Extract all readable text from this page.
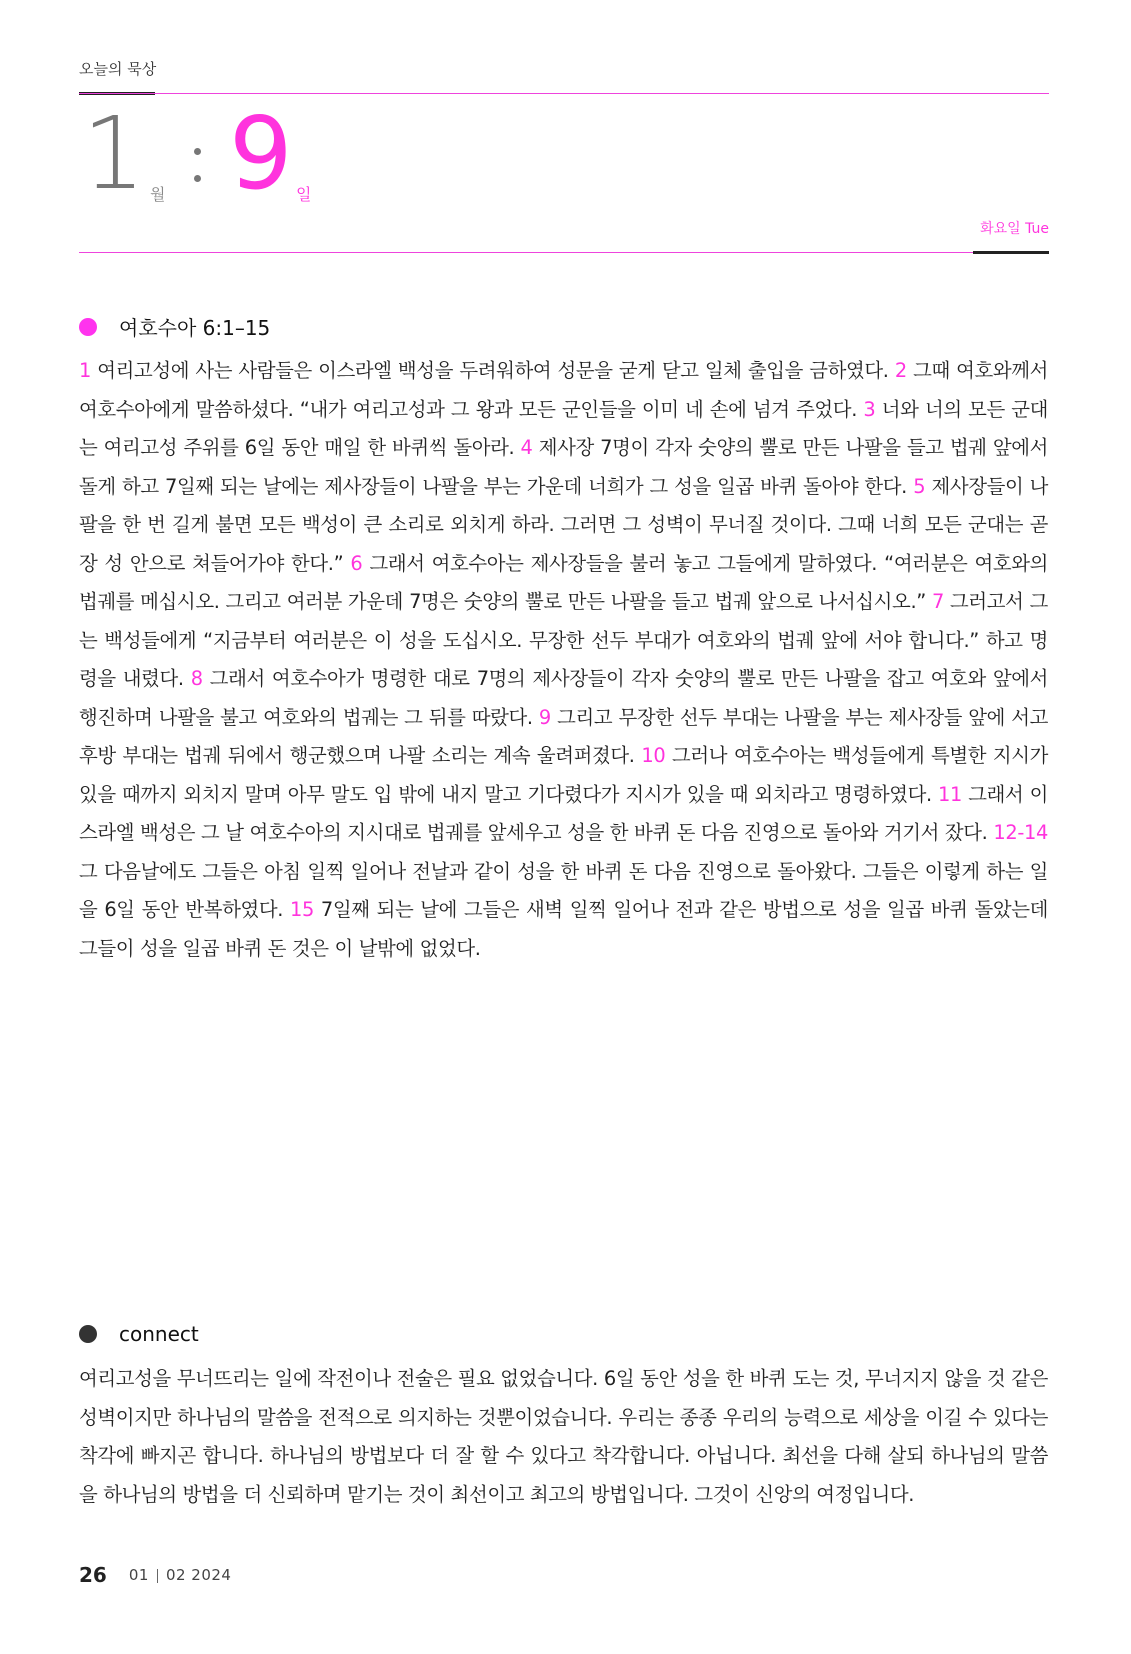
오늘의 묵상
1 월 9 일
화요일 Tue
여호수아 6:1–15
1 여리고성에 사는 사람들은 이스라엘 백성을 두려워하여 성문을 굳게 닫고 일체 출입을 금하였다. 2 그때 여호와께서 여호수아에게 말씀하셨다. “내가 여리고성과 그 왕과 모든 군인들을 이미 네 손에 넘겨 주었다. 3 너와 너의 모든 군대는 여리고성 주위를 6일 동안 매일 한 바퀴씩 돌아라. 4 제사장 7명이 각자 숫양의 뿔로 만든 나팔을 들고 법궤 앞에서 돌게 하고 7일째 되는 날에는 제사장들이 나팔을 부는 가운데 너희가 그 성을 일곱 바퀴 돌아야 한다. 5 제사장들이 나팔을 한 번 길게 불면 모든 백성이 큰 소리로 외치게 하라. 그러면 그 성벽이 무너질 것이다. 그때 너희 모든 군대는 곧장 성 안으로 쳐들어가야 한다.” 6 그래서 여호수아는 제사장들을 불러 놓고 그들에게 말하였다. “여러분은 여호와의 법궤를 메십시오. 그리고 여러분 가운데 7명은 숫양의 뿔로 만든 나팔을 들고 법궤 앞으로 나서십시오.” 7 그러고서 그는 백성들에게 “지금부터 여러분은 이 성을 도십시오. 무장한 선두 부대가 여호와의 법궤 앞에 서야 합니다.” 하고 명령을 내렸다. 8 그래서 여호수아가 명령한 대로 7명의 제사장들이 각자 숫양의 뿔로 만든 나팔을 잡고 여호와 앞에서 행진하며 나팔을 불고 여호와의 법궤는 그 뒤를 따랐다. 9 그리고 무장한 선두 부대는 나팔을 부는 제사장들 앞에 서고 후방 부대는 법궤 뒤에서 행군했으며 나팔 소리는 계속 울려퍼졌다. 10 그러나 여호수아는 백성들에게 특별한 지시가 있을 때까지 외치지 말며 아무 말도 입 밖에 내지 말고 기다렸다가 지시가 있을 때 외치라고 명령하였다. 11 그래서 이스라엘 백성은 그 날 여호수아의 지시대로 법궤를 앞세우고 성을 한 바퀴 돈 다음 진영으로 돌아와 거기서 잤다. 12-14 그 다음날에도 그들은 아침 일찍 일어나 전날과 같이 성을 한 바퀴 돈 다음 진영으로 돌아왔다. 그들은 이렇게 하는 일을 6일 동안 반복하였다. 15 7일째 되는 날에 그들은 새벽 일찍 일어나 전과 같은 방법으로 성을 일곱 바퀴 돌았는데 그들이 성을 일곱 바퀴 돈 것은 이 날밖에 없었다.
connect
여리고성을 무너뜨리는 일에 작전이나 전술은 필요 없었습니다. 6일 동안 성을 한 바퀴 도는 것, 무너지지 않을 것 같은 성벽이지만 하나님의 말씀을 전적으로 의지하는 것뿐이었습니다. 우리는 종종 우리의 능력으로 세상을 이길 수 있다는 착각에 빠지곤 합니다. 하나님의 방법보다 더 잘 할 수 있다고 착각합니다. 아닙니다. 최선을 다해 살되 하나님의 말씀을 하나님의 방법을 더 신뢰하며 맡기는 것이 최선이고 최고의 방법입니다. 그것이 신앙의 여정입니다.
26 01 02 2024
